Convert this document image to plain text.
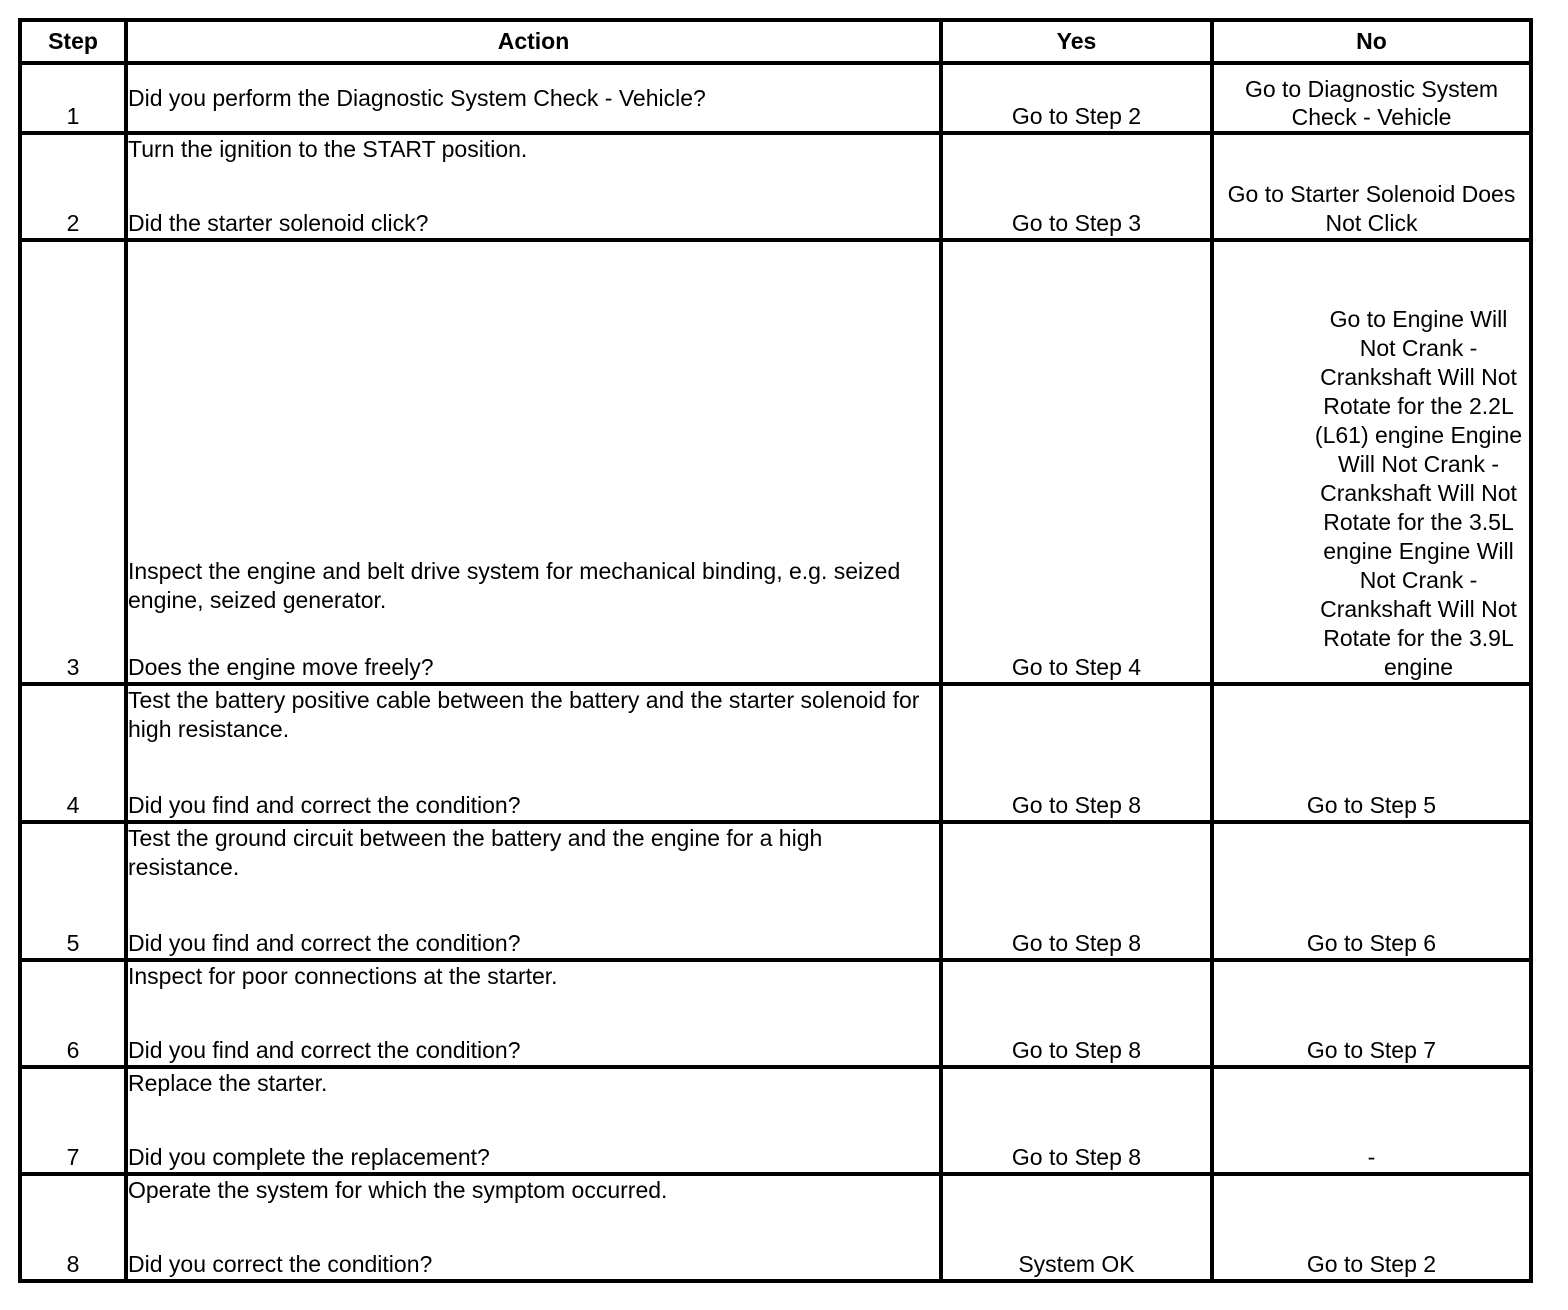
Step	Action	Yes	No
1	Did you perform the Diagnostic System Check - Vehicle?	Go to Step 2	Go to Diagnostic System Check - Vehicle
2	Turn the ignition to the START position.
Did the starter solenoid click?	Go to Step 3	Go to Starter Solenoid Does Not Click
3	Inspect the engine and belt drive system for mechanical binding, e.g. seized engine, seized generator.
Does the engine move freely?	Go to Step 4	Go to Engine Will Not Crank - Crankshaft Will Not Rotate for the 2.2L (L61) engine Engine Will Not Crank - Crankshaft Will Not Rotate for the 3.5L engine Engine Will Not Crank - Crankshaft Will Not Rotate for the 3.9L engine
4	Test the battery positive cable between the battery and the starter solenoid for high resistance.
Did you find and correct the condition?	Go to Step 8	Go to Step 5
5	Test the ground circuit between the battery and the engine for a high resistance.
Did you find and correct the condition?	Go to Step 8	Go to Step 6
6	Inspect for poor connections at the starter.
Did you find and correct the condition?	Go to Step 8	Go to Step 7
7	Replace the starter.
Did you complete the replacement?	Go to Step 8	-
8	Operate the system for which the symptom occurred.
Did you correct the condition?	System OK	Go to Step 2
